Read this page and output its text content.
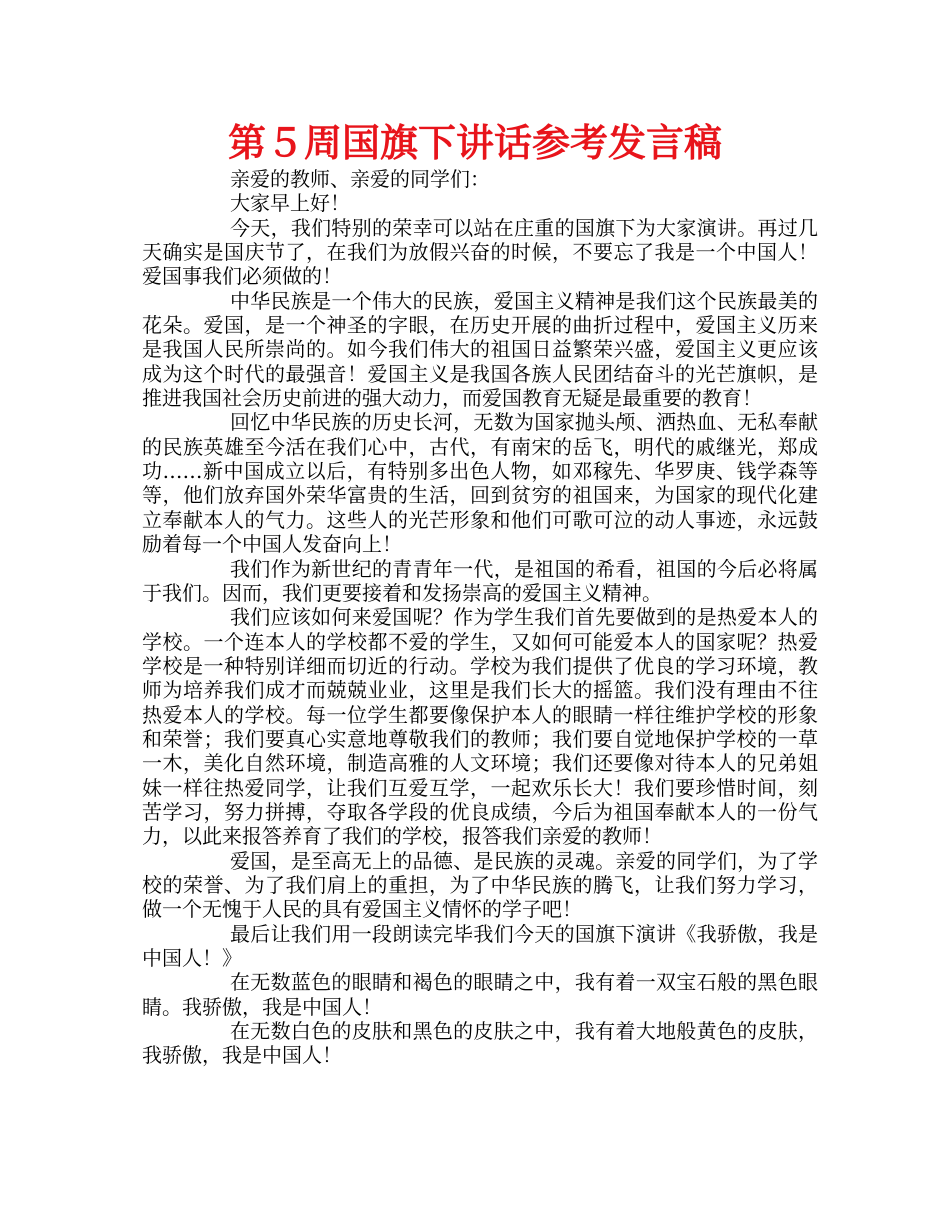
第５周国旗下讲话参考发言稿

亲爱的教师、亲爱的同学们：

大家早上好！

今天，我们特别的荣幸可以站在庄重的国旗下为大家演讲。再过几天确实是国庆节了，在我们为放假兴奋的时候，不要忘了我是一个中国人！爱国事我们必须做的！

中华民族是一个伟大的民族，爱国主义精神是我们这个民族最美的花朵。爱国，是一个神圣的字眼，在历史开展的曲折过程中，爱国主义历来是我国人民所崇尚的。如今我们伟大的祖国日益繁荣兴盛，爱国主义更应该成为这个时代的最强音！爱国主义是我国各族人民团结奋斗的光芒旗帜，是推进我国社会历史前进的强大动力，而爱国教育无疑是最重要的教育！

回忆中华民族的历史长河，无数为国家抛头颅、洒热血、无私奉献的民族英雄至今活在我们心中，古代，有南宋的岳飞，明代的戚继光，郑成功……新中国成立以后，有特别多出色人物，如邓稼先、华罗庚、钱学森等等，他们放弃国外荣华富贵的生活，回到贫穷的祖国来，为国家的现代化建立奉献本人的气力。这些人的光芒形象和他们可歌可泣的动人事迹，永远鼓励着每一个中国人发奋向上！

我们作为新世纪的青青年一代，是祖国的希看，祖国的今后必将属于我们。因而，我们更要接着和发扬崇高的爱国主义精神。

我们应该如何来爱国呢？作为学生我们首先要做到的是热爱本人的学校。一个连本人的学校都不爱的学生，又如何可能爱本人的国家呢？热爱学校是一种特别详细而切近的行动。学校为我们提供了优良的学习环境，教师为培养我们成才而兢兢业业，这里是我们长大的摇篮。我们没有理由不往热爱本人的学校。每一位学生都要像保护本人的眼睛一样往维护学校的形象和荣誉；我们要真心实意地尊敬我们的教师；我们要自觉地保护学校的一草一木，美化自然环境，制造高雅的人文环境；我们还要像对待本人的兄弟姐妹一样往热爱同学，让我们互爱互学，一起欢乐长大！我们要珍惜时间，刻苦学习，努力拼搏，夺取各学段的优良成绩，今后为祖国奉献本人的一份气力，以此来报答养育了我们的学校，报答我们亲爱的教师！

爱国，是至高无上的品德、是民族的灵魂。亲爱的同学们，为了学校的荣誉、为了我们肩上的重担，为了中华民族的腾飞，让我们努力学习，做一个无愧于人民的具有爱国主义情怀的学子吧！

最后让我们用一段朗读完毕我们今天的国旗下演讲《我骄傲，我是中国人！》

在无数蓝色的眼睛和褐色的眼睛之中，我有着一双宝石般的黑色眼睛。我骄傲，我是中国人！

在无数白色的皮肤和黑色的皮肤之中，我有着大地般黄色的皮肤，我骄傲，我是中国人！
